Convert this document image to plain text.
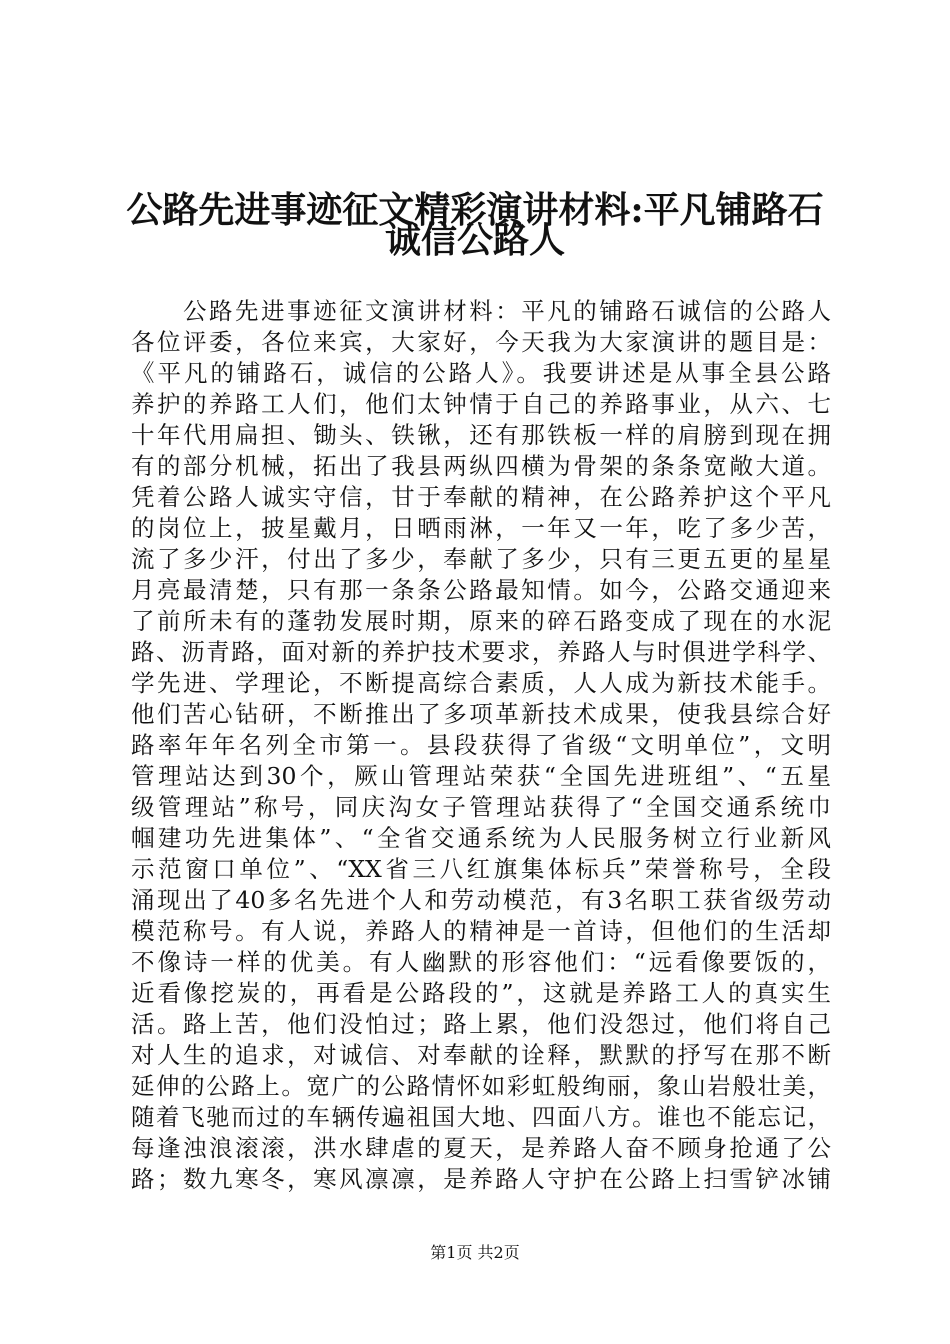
公路先进事迹征文精彩演讲材料:平凡铺路石
诚信公路人
公路先进事迹征文演讲材料：平凡的铺路石诚信的公路人
各位评委，各位来宾，大家好，今天我为大家演讲的题目是：
《平凡的铺路石，诚信的公路人》。我要讲述是从事全县公路
养护的养路工人们，他们太钟情于自己的养路事业，从六、七
十年代用扁担、锄头、铁锹，还有那铁板一样的肩膀到现在拥
有的部分机械，拓出了我县两纵四横为骨架的条条宽敞大道。
凭着公路人诚实守信，甘于奉献的精神，在公路养护这个平凡
的岗位上，披星戴月，日晒雨淋，一年又一年，吃了多少苦，
流了多少汗，付出了多少，奉献了多少，只有三更五更的星星
月亮最清楚，只有那一条条公路最知情。如今，公路交通迎来
了前所未有的蓬勃发展时期，原来的碎石路变成了现在的水泥
路、沥青路，面对新的养护技术要求，养路人与时俱进学科学、
学先进、学理论，不断提高综合素质，人人成为新技术能手。
他们苦心钻研，不断推出了多项革新技术成果，使我县综合好
路率年年名列全市第一。县段获得了省级“文明单位”，文明
管理站达到30个，厥山管理站荣获“全国先进班组”、“五星
级管理站”称号，同庆沟女子管理站获得了“全国交通系统巾
帼建功先进集体”、“全省交通系统为人民服务树立行业新风
示范窗口单位”、“XX省三八红旗集体标兵”荣誉称号，全段
涌现出了40多名先进个人和劳动模范，有3名职工获省级劳动
模范称号。有人说，养路人的精神是一首诗，但他们的生活却
不像诗一样的优美。有人幽默的形容他们：“远看像要饭的，
近看像挖炭的，再看是公路段的”，这就是养路工人的真实生
活。路上苦，他们没怕过；路上累，他们没怨过，他们将自己
对人生的追求，对诚信、对奉献的诠释，默默的抒写在那不断
延伸的公路上。宽广的公路情怀如彩虹般绚丽，象山岩般壮美，
随着飞驰而过的车辆传遍祖国大地、四面八方。谁也不能忘记，
每逢浊浪滚滚，洪水肆虐的夏天，是养路人奋不顾身抢通了公
路；数九寒冬，寒风凛凛，是养路人守护在公路上扫雪铲冰铺
第1页 共2页
